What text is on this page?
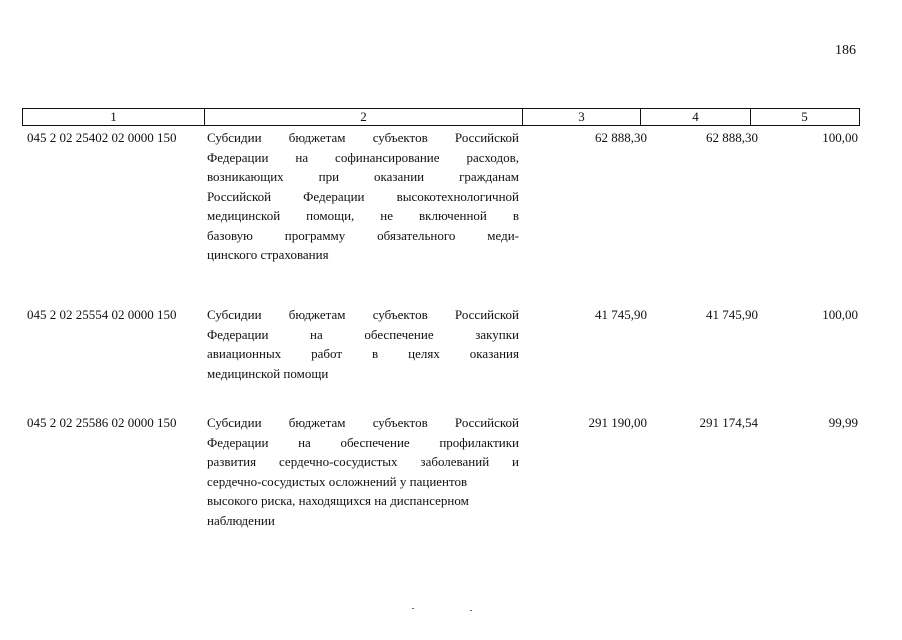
186
1	2	3	4	5
045 2 02 25402 02 0000 150 Субсидии бюджетам субъектов Российской
Федерации на софинансирование расходов,
возникающих при оказании гражданам
Российской Федерации высокотехнологичной
медицинской помощи, не включенной в
базовую программу обязательного меди-
цинского страхования
62 888,30	62 888,30	100,00
045 2 02 25554 02 0000 150 Субсидии бюджетам субъектов Российской
Федерации на обеспечение закупки
авиационных работ в целях оказания
медицинской помощи
41 745,90	41 745,90	100,00
045 2 02 25586 02 0000 150 Субсидии бюджетам субъектов Российской
Федерации на обеспечение профилактики
развития сердечно-сосудистых заболеваний и
сердечно-сосудистых осложнений у пациентов
высокого риска, находящихся на диспансерном
наблюдении
291 190,00	291 174,54	99,99
